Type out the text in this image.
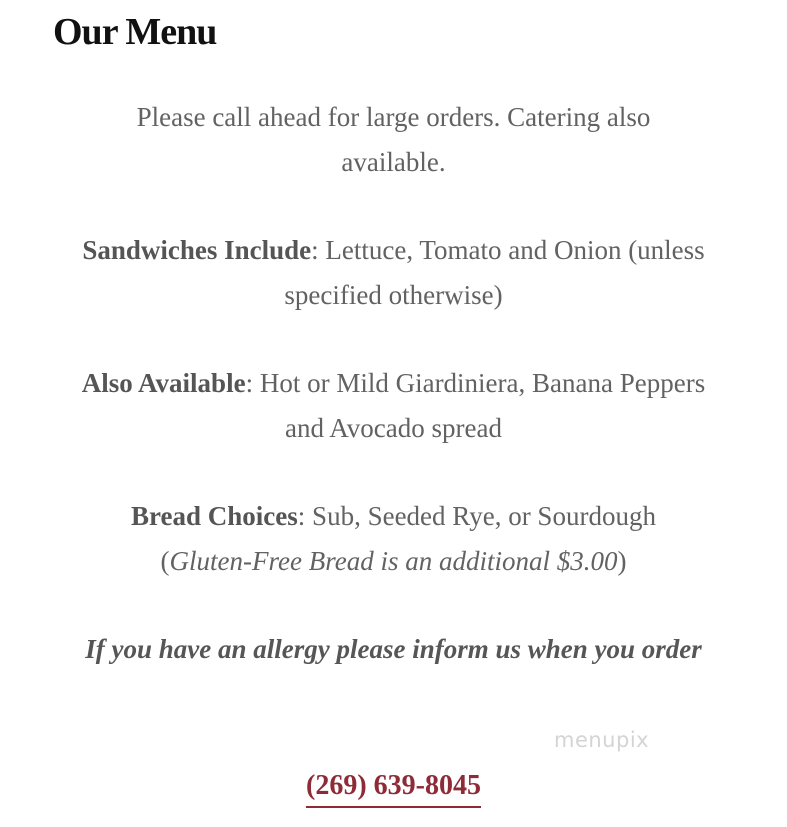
Our Menu

Please call ahead for large orders. Catering also available.

Sandwiches Include: Lettuce, Tomato and Onion (unless specified otherwise)

Also Available: Hot or Mild Giardiniera, Banana Peppers and Avocado spread

Bread Choices: Sub, Seeded Rye, or Sourdough
(Gluten-Free Bread is an additional $3.00)

If you have an allergy please inform us when you order

menupix
(269) 639-8045
